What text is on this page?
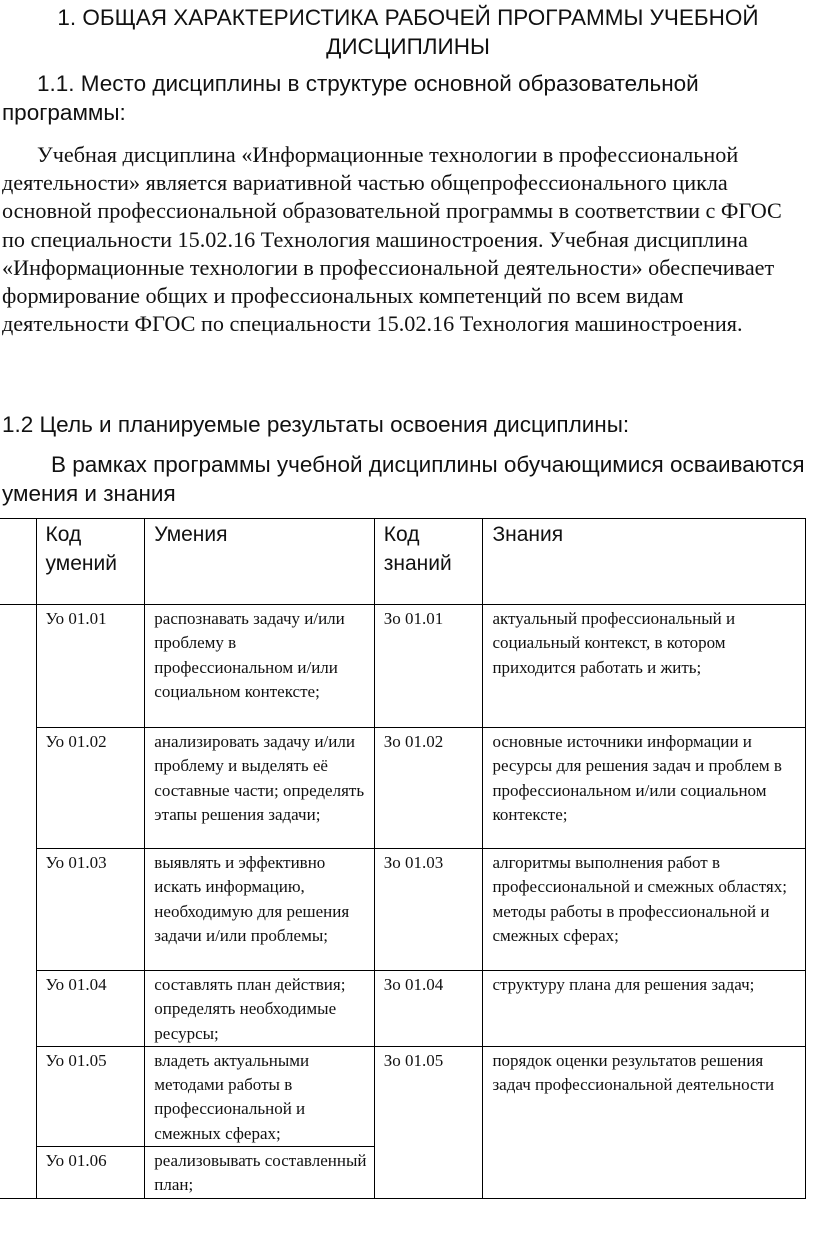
1. ОБЩАЯ ХАРАКТЕРИСТИКА РАБОЧЕЙ ПРОГРАММЫ УЧЕБНОЙ ДИСЦИПЛИНЫ
1.1. Место дисциплины в структуре основной образовательной программы:
Учебная дисциплина «Информационные технологии в профессиональной деятельности» является вариативной частью общепрофессионального цикла основной профессиональной образовательной программы в соответствии с ФГОС по специальности 15.02.16 Технология машиностроения. Учебная дисциплина «Информационные технологии в профессиональной деятельности» обеспечивает формирование общих и профессиональных компетенций по всем видам деятельности ФГОС по специальности 15.02.16 Технология машиностроения.
1.2 Цель и планируемые результаты освоения дисциплины:
В рамках программы учебной дисциплины обучающимися осваиваются умения и знания
	Код умений	Умения	Код знаний	Знания

	Уо 01.01	распознавать задачу и/или проблему в профессиональном и/или социальном контексте;	Зо 01.01	актуальный профессиональный и социальный контекст, в котором приходится работать и жить;
	Уо 01.02	анализировать задачу и/или проблему и выделять её составные части; определять этапы решения задачи;	Зо 01.02	основные источники информации и ресурсы для решения задач и проблем в профессиональном и/или социальном контексте;
	Уо 01.03	выявлять и эффективно искать информацию, необходимую для решения задачи и/или проблемы;	Зо 01.03	алгоритмы выполнения работ в профессиональной и смежных областях; методы работы в профессиональной и смежных сферах;
	Уо 01.04	составлять план действия; определять необходимые ресурсы;	Зо 01.04	структуру плана для решения задач;
	Уо 01.05	владеть актуальными методами работы в профессиональной и смежных сферах;	Зо 01.05	порядок оценки результатов решения задач профессиональной деятельности
	Уо 01.06	реализовывать составленный план;		
